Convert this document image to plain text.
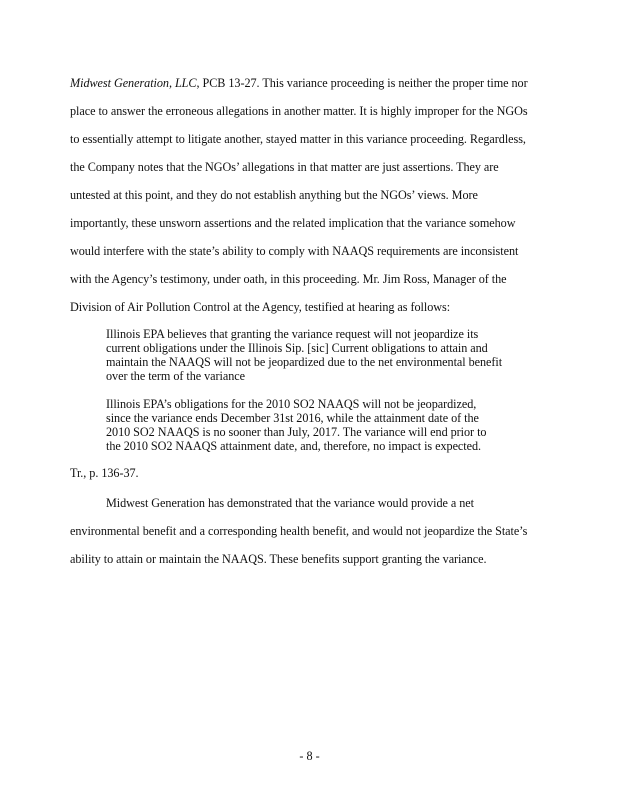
Midwest Generation, LLC, PCB 13-27. This variance proceeding is neither the proper time nor
place to answer the erroneous allegations in another matter. It is highly improper for the NGOs
to essentially attempt to litigate another, stayed matter in this variance proceeding. Regardless,
the Company notes that the NGOs’ allegations in that matter are just assertions. They are
untested at this point, and they do not establish anything but the NGOs’ views. More
importantly, these unsworn assertions and the related implication that the variance somehow
would interfere with the state’s ability to comply with NAAQS requirements are inconsistent
with the Agency’s testimony, under oath, in this proceeding. Mr. Jim Ross, Manager of the
Division of Air Pollution Control at the Agency, testified at hearing as follows:
Illinois EPA believes that granting the variance request will not jeopardize its
current obligations under the Illinois Sip. [sic] Current obligations to attain and
maintain the NAAQS will not be jeopardized due to the net environmental benefit
over the term of the variance
Illinois EPA’s obligations for the 2010 SO2 NAAQS will not be jeopardized,
since the variance ends December 31st 2016, while the attainment date of the
2010 SO2 NAAQS is no sooner than July, 2017. The variance will end prior to
the 2010 SO2 NAAQS attainment date, and, therefore, no impact is expected.
Tr., p. 136-37.
Midwest Generation has demonstrated that the variance would provide a net
environmental benefit and a corresponding health benefit, and would not jeopardize the State’s
ability to attain or maintain the NAAQS. These benefits support granting the variance.
- 8 -
